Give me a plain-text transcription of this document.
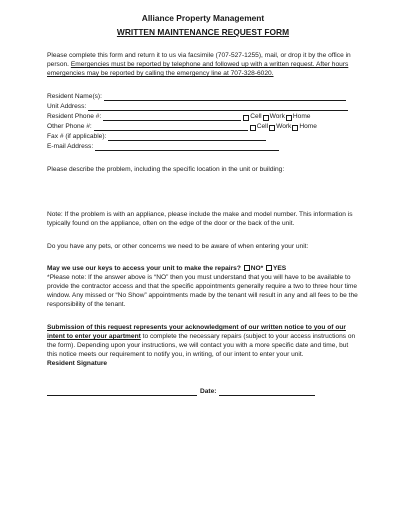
Alliance Property Management
WRITTEN MAINTENANCE REQUEST FORM

Please complete this form and return it to us via facsimile (707-527-1255), mail, or drop it by the office in person. Emergencies must be reported by telephone and followed up with a written request. After hours emergencies may be reported by calling the emergency line at 707-328-6020.

Resident Name(s):
Unit Address:
Resident Phone #:	Cell Work Home
Other Phone #:	Cell Work Home
Fax # (if applicable):
E-mail Address:

Please describe the problem, including the specific location in the unit or building:

Note: If the problem is with an appliance, please include the make and model number. This information is typically found on the appliance, often on the edge of the door or the back of the unit.

Do you have any pets, or other concerns we need to be aware of when entering your unit:

May we use our keys to access your unit to make the repairs? NO* YES

*Please note: If the answer above is “NO” then you must understand that you will have to be available to provide the contractor access and that the specific appointments generally require a two to three hour time window. Any missed or “No Show” appointments made by the tenant will result in any and all fees to be the responsibility of the tenant.

Submission of this request represents your acknowledgment of our written notice to you of our intent to enter your apartment to complete the necessary repairs (subject to your access instructions on the form). Depending upon your instructions, we will contact you with a more specific date and time, but this notice meets our requirement to notify you, in writing, of our intent to enter your unit.

Resident Signature

Date:
